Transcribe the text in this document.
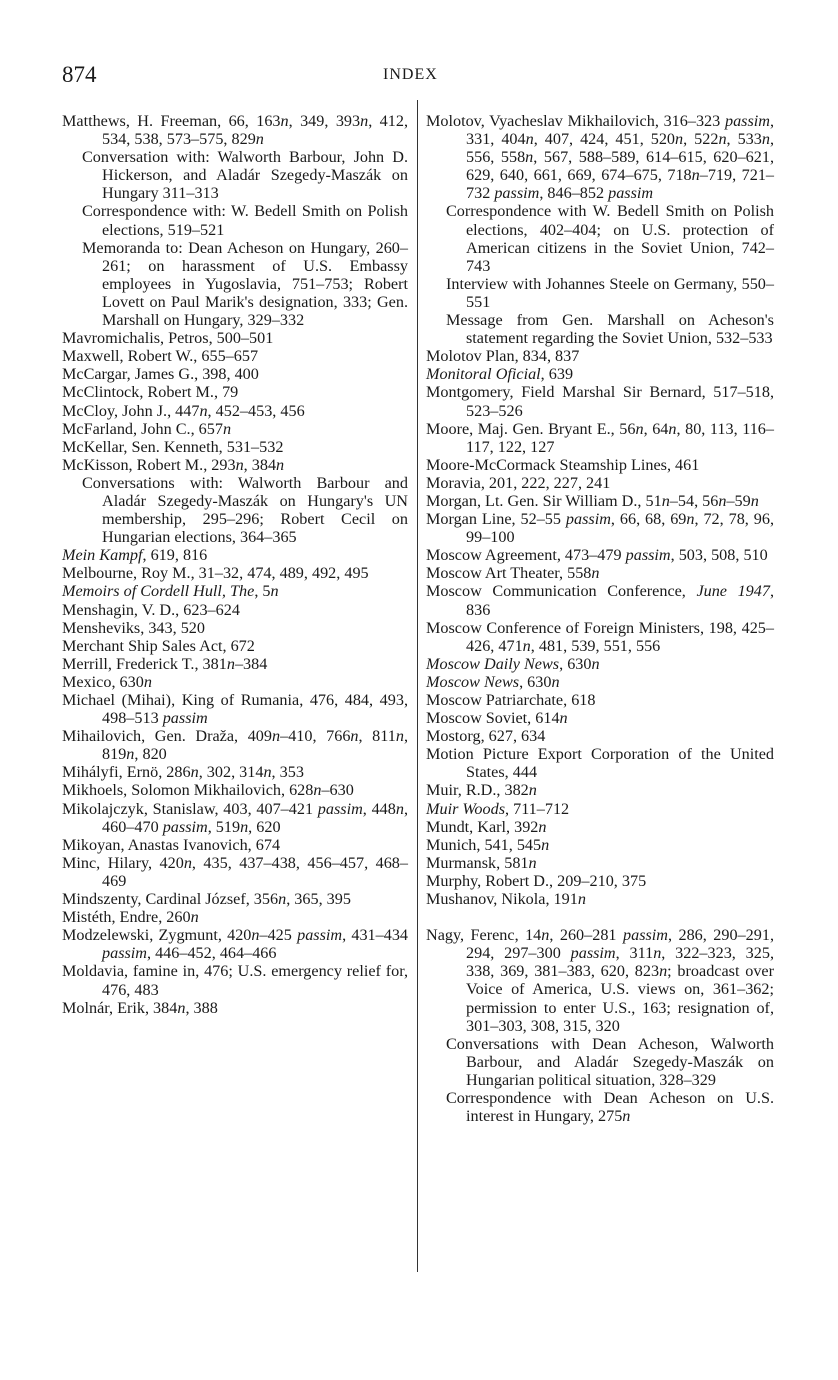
874	INDEX
Matthews, H. Freeman, 66, 163n, 349, 393n, 412, 534, 538, 573–575, 829n
Conversation with: Walworth Barbour, John D. Hickerson, and Aladár Szegedy-Maszák on Hungary 311–313
Correspondence with: W. Bedell Smith on Polish elections, 519–521
Memoranda to: Dean Acheson on Hungary, 260–261; on harassment of U.S. Embassy employees in Yugoslavia, 751–753; Robert Lovett on Paul Marik's designation, 333; Gen. Marshall on Hungary, 329–332
Mavromichalis, Petros, 500–501
Maxwell, Robert W., 655–657
McCargar, James G., 398, 400
McClintock, Robert M., 79
McCloy, John J., 447n, 452–453, 456
McFarland, John C., 657n
McKellar, Sen. Kenneth, 531–532
McKisson, Robert M., 293n, 384n
Conversations with: Walworth Barbour and Aladár Szegedy-Maszák on Hungary's UN membership, 295–296; Robert Cecil on Hungarian elections, 364–365
Mein Kampf, 619, 816
Melbourne, Roy M., 31–32, 474, 489, 492, 495
Memoirs of Cordell Hull, The, 5n
Menshagin, V. D., 623–624
Mensheviks, 343, 520
Merchant Ship Sales Act, 672
Merrill, Frederick T., 381n–384
Mexico, 630n
Michael (Mihai), King of Rumania, 476, 484, 493, 498–513 passim
Mihailovich, Gen. Draža, 409n–410, 766n, 811n, 819n, 820
Mihályfi, Ernö, 286n, 302, 314n, 353
Mikhoels, Solomon Mikhailovich, 628n–630
Mikolajczyk, Stanislaw, 403, 407–421 passim, 448n, 460–470 passim, 519n, 620
Mikoyan, Anastas Ivanovich, 674
Minc, Hilary, 420n, 435, 437–438, 456–457, 468–469
Mindszenty, Cardinal József, 356n, 365, 395
Mistéth, Endre, 260n
Modzelewski, Zygmunt, 420n–425 passim, 431–434 passim, 446–452, 464–466
Moldavia, famine in, 476; U.S. emergency relief for, 476, 483
Molnár, Erik, 384n, 388
Molotov, Vyacheslav Mikhailovich, 316–323 passim, 331, 404n, 407, 424, 451, 520n, 522n, 533n, 556, 558n, 567, 588–589, 614–615, 620–621, 629, 640, 661, 669, 674–675, 718n–719, 721–732 passim, 846–852 passim
Correspondence with W. Bedell Smith on Polish elections, 402–404; on U.S. protection of American citizens in the Soviet Union, 742–743
Interview with Johannes Steele on Germany, 550–551
Message from Gen. Marshall on Acheson's statement regarding the Soviet Union, 532–533
Molotov Plan, 834, 837
Monitoral Oficial, 639
Montgomery, Field Marshal Sir Bernard, 517–518, 523–526
Moore, Maj. Gen. Bryant E., 56n, 64n, 80, 113, 116–117, 122, 127
Moore-McCormack Steamship Lines, 461
Moravia, 201, 222, 227, 241
Morgan, Lt. Gen. Sir William D., 51n–54, 56n–59n
Morgan Line, 52–55 passim, 66, 68, 69n, 72, 78, 96, 99–100
Moscow Agreement, 473–479 passim, 503, 508, 510
Moscow Art Theater, 558n
Moscow Communication Conference, June 1947, 836
Moscow Conference of Foreign Ministers, 198, 425–426, 471n, 481, 539, 551, 556
Moscow Daily News, 630n
Moscow News, 630n
Moscow Patriarchate, 618
Moscow Soviet, 614n
Mostorg, 627, 634
Motion Picture Export Corporation of the United States, 444
Muir, R.D., 382n
Muir Woods, 711–712
Mundt, Karl, 392n
Munich, 541, 545n
Murmansk, 581n
Murphy, Robert D., 209–210, 375
Mushanov, Nikola, 191n
Nagy, Ferenc, 14n, 260–281 passim, 286, 290–291, 294, 297–300 passim, 311n, 322–323, 325, 338, 369, 381–383, 620, 823n; broadcast over Voice of America, U.S. views on, 361–362; permission to enter U.S., 163; resignation of, 301–303, 308, 315, 320
Conversations with Dean Acheson, Walworth Barbour, and Aladár Szegedy-Maszák on Hungarian political situation, 328–329
Correspondence with Dean Acheson on U.S. interest in Hungary, 275n
